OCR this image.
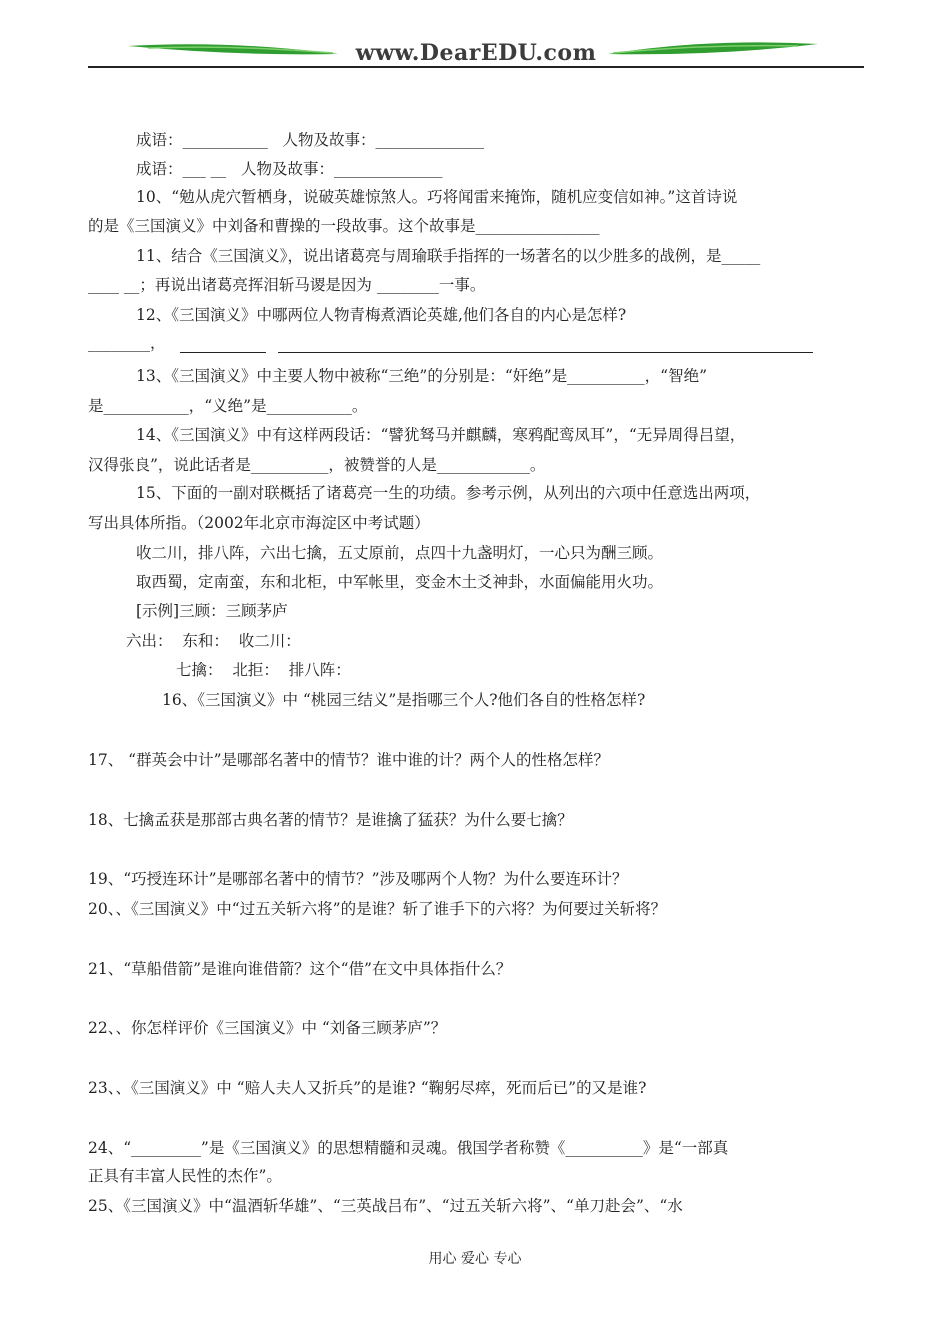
www.DearEDU.com
成语：___________   人物及故事：______________
成语：___ __   人物及故事：______________
10、“勉从虎穴暂栖身，说破英雄惊煞人。巧将闻雷来掩饰，随机应变信如神。”这首诗说
的是《三国演义》中刘备和曹操的一段故事。这个故事是________________
11、结合《三国演义》，说出诸葛亮与周瑜联手指挥的一场著名的以少胜多的战例，是_____
____ __；再说出诸葛亮挥泪斩马谡是因为 ________一事。
12、《三国演义》中哪两位人物青梅煮酒论英雄,他们各自的内心是怎样?
________，
13、《三国演义》中主要人物中被称“三绝”的分别是：“奸绝”是__________，“智绝”
是___________，“义绝”是___________。
14、《三国演义》中有这样两段话：“譬犹驽马并麒麟，寒鸦配鸾凤耳”，“无异周得吕望，
汉得张良”，说此话者是__________，被赞誉的人是____________。
15、下面的一副对联概括了诸葛亮一生的功绩。参考示例，从列出的六项中任意选出两项，
写出具体所指。（2002年北京市海淀区中考试题）
收二川，排八阵，六出七擒，五丈原前，点四十九盏明灯，一心只为酬三顾。
取西蜀，定南蛮，东和北柜，中军帐里，变金木土爻神卦，水面偏能用火功。
[示例]三顾：三顾茅庐
六出：  东和：  收二川：
七擒：  北拒：  排八阵：
16、《三国演义》中 “桃园三结义”是指哪三个人?他们各自的性格怎样?
17、 “群英会中计”是哪部名著中的情节？谁中谁的计？两个人的性格怎样？
18、七擒孟获是那部古典名著的情节？是谁擒了猛获？为什么要七擒？
19、“巧授连环计”是哪部名著中的情节？”涉及哪两个人物？为什么要连环计？
20、、《三国演义》中“过五关斩六将”的是谁？斩了谁手下的六将？为何要过关斩将？
21、“草船借箭”是谁向谁借箭？这个“借”在文中具体指什么？
22、、你怎样评价《三国演义》中 “刘备三顾茅庐”？
23、、《三国演义》中 “赔人夫人又折兵”的是谁? “鞠躬尽瘁，死而后已”的又是谁?
24、“_________”是《三国演义》的思想精髓和灵魂。俄国学者称赞《__________》是“一部真
正具有丰富人民性的杰作”。
25、《三国演义》中“温酒斩华雄”、“三英战吕布”、“过五关斩六将”、“单刀赴会”、“水
用心 爱心 专心
